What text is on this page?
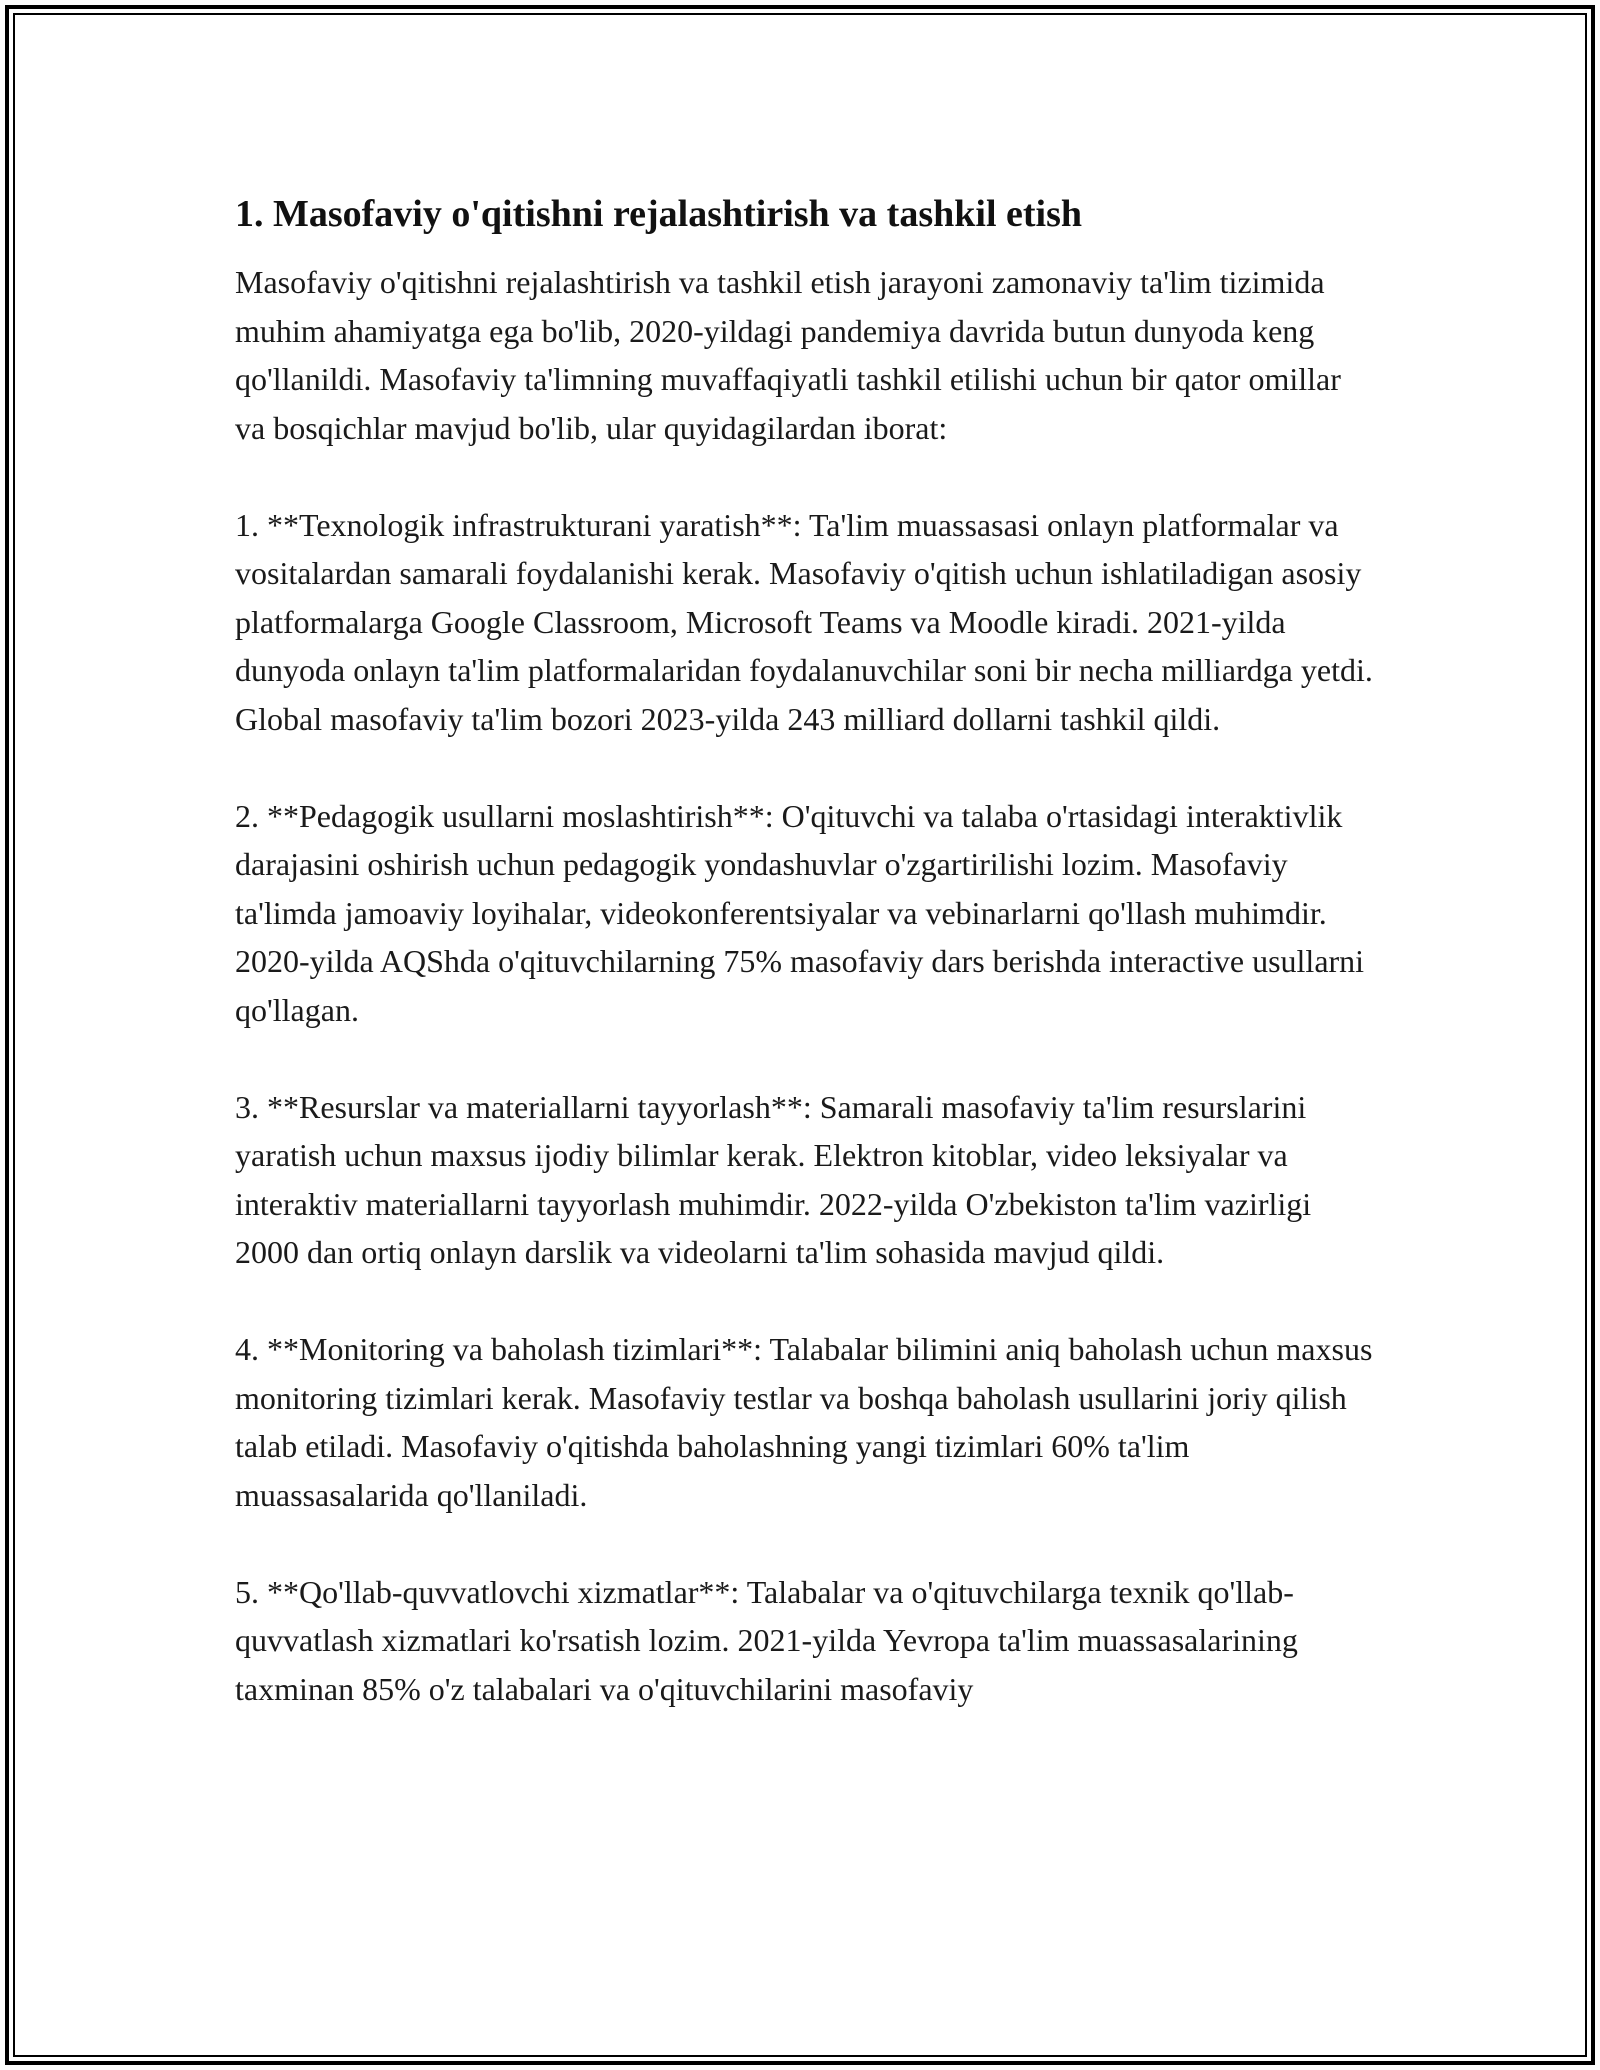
1. Masofaviy o'qitishni rejalashtirish va tashkil etish

Masofaviy o'qitishni rejalashtirish va tashkil etish jarayoni zamonaviy ta'lim tizimida muhim ahamiyatga ega bo'lib, 2020-yildagi pandemiya davrida butun dunyoda keng qo'llanildi. Masofaviy ta'limning muvaffaqiyatli tashkil etilishi uchun bir qator omillar va bosqichlar mavjud bo'lib, ular quyidagilardan iborat:

1. **Texnologik infrastrukturani yaratish**: Ta'lim muassasasi onlayn platformalar va vositalardan samarali foydalanishi kerak. Masofaviy o'qitish uchun ishlatiladigan asosiy platformalarga Google Classroom, Microsoft Teams va Moodle kiradi. 2021-yilda dunyoda onlayn ta'lim platformalaridan foydalanuvchilar soni bir necha milliardga yetdi. Global masofaviy ta'lim bozori 2023-yilda 243 milliard dollarni tashkil qildi.

2. **Pedagogik usullarni moslashtirish**: O'qituvchi va talaba o'rtasidagi interaktivlik darajasini oshirish uchun pedagogik yondashuvlar o'zgartirilishi lozim. Masofaviy ta'limda jamoaviy loyihalar, videokonferentsiyalar va vebinarlarni qo'llash muhimdir. 2020-yilda AQShda o'qituvchilarning 75% masofaviy dars berishda interactive usullarni qo'llagan.

3. **Resurslar va materiallarni tayyorlash**: Samarali masofaviy ta'lim resurslarini yaratish uchun maxsus ijodiy bilimlar kerak. Elektron kitoblar, video leksiyalar va interaktiv materiallarni tayyorlash muhimdir. 2022-yilda O'zbekiston ta'lim vazirligi 2000 dan ortiq onlayn darslik va videolarni ta'lim sohasida mavjud qildi.

4. **Monitoring va baholash tizimlari**: Talabalar bilimini aniq baholash uchun maxsus monitoring tizimlari kerak. Masofaviy testlar va boshqa baholash usullarini joriy qilish talab etiladi. Masofaviy o'qitishda baholashning yangi tizimlari 60% ta'lim muassasalarida qo'llaniladi.

5. **Qo'llab-quvvatlovchi xizmatlar**: Talabalar va o'qituvchilarga texnik qo'llab-quvvatlash xizmatlari ko'rsatish lozim. 2021-yilda Yevropa ta'lim muassasalarining taxminan 85% o'z talabalari va o'qituvchilarini masofaviy
